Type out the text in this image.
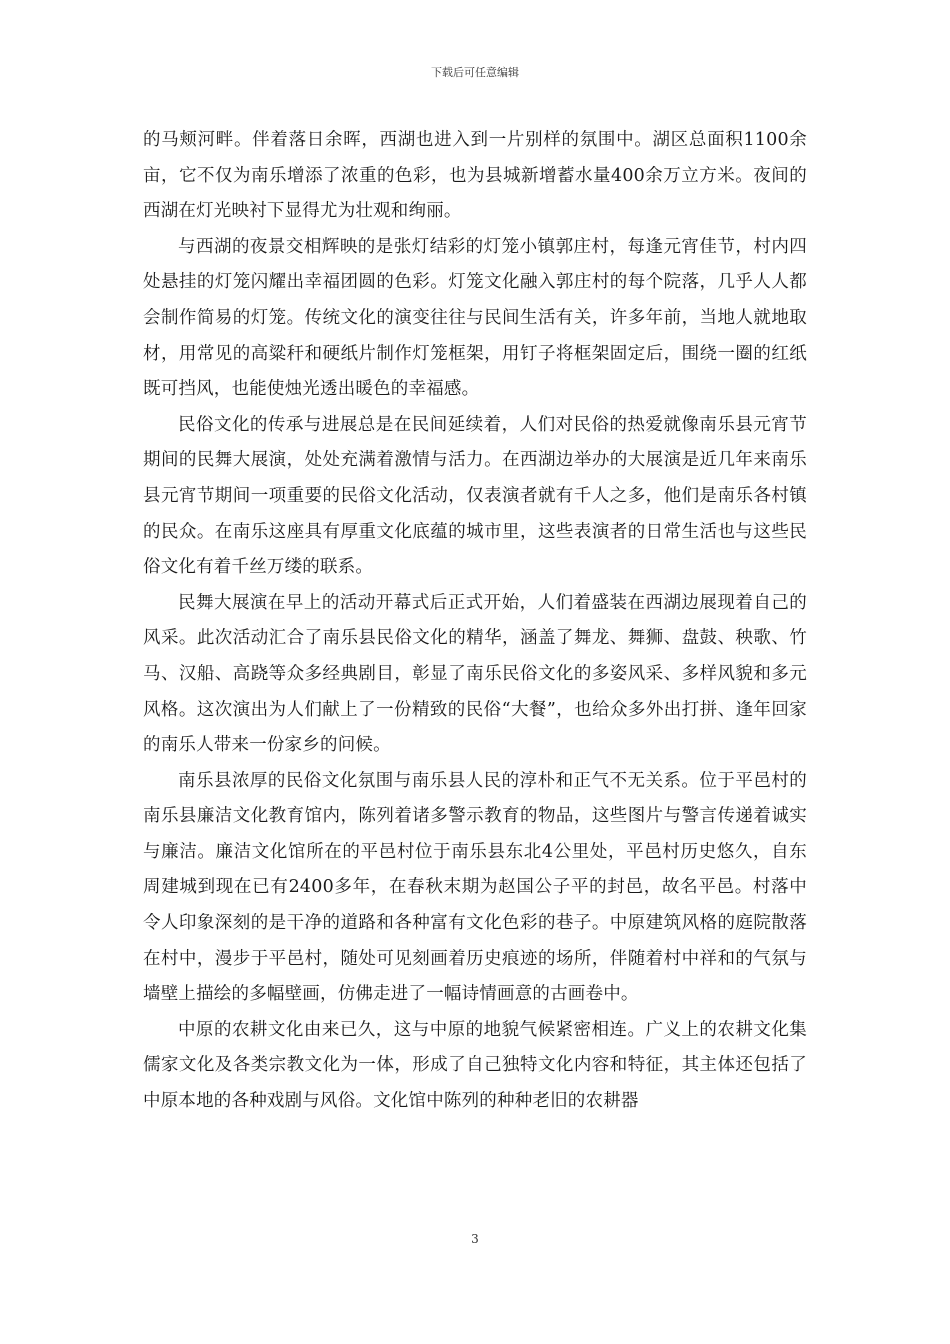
下载后可任意编辑

的马颊河畔。伴着落日余晖，西湖也进入到一片别样的氛围中。湖区总面积1100余亩，它不仅为南乐增添了浓重的色彩，也为县城新增蓄水量400余万立方米。夜间的西湖在灯光映衬下显得尤为壮观和绚丽。

与西湖的夜景交相辉映的是张灯结彩的灯笼小镇郭庄村，每逢元宵佳节，村内四处悬挂的灯笼闪耀出幸福团圆的色彩。灯笼文化融入郭庄村的每个院落，几乎人人都会制作简易的灯笼。传统文化的演变往往与民间生活有关，许多年前，当地人就地取材，用常见的高粱秆和硬纸片制作灯笼框架，用钉子将框架固定后，围绕一圈的红纸既可挡风，也能使烛光透出暖色的幸福感。

民俗文化的传承与进展总是在民间延续着，人们对民俗的热爱就像南乐县元宵节期间的民舞大展演，处处充满着激情与活力。在西湖边举办的大展演是近几年来南乐县元宵节期间一项重要的民俗文化活动，仅表演者就有千人之多，他们是南乐各村镇的民众。在南乐这座具有厚重文化底蕴的城市里，这些表演者的日常生活也与这些民俗文化有着千丝万缕的联系。

民舞大展演在早上的活动开幕式后正式开始，人们着盛装在西湖边展现着自己的风采。此次活动汇合了南乐县民俗文化的精华，涵盖了舞龙、舞狮、盘鼓、秧歌、竹马、汉船、高跷等众多经典剧目，彰显了南乐民俗文化的多姿风采、多样风貌和多元风格。这次演出为人们献上了一份精致的民俗“大餐”，也给众多外出打拼、逢年回家的南乐人带来一份家乡的问候。

南乐县浓厚的民俗文化氛围与南乐县人民的淳朴和正气不无关系。位于平邑村的南乐县廉洁文化教育馆内，陈列着诸多警示教育的物品，这些图片与警言传递着诚实与廉洁。廉洁文化馆所在的平邑村位于南乐县东北4公里处，平邑村历史悠久，自东周建城到现在已有2400多年，在春秋末期为赵国公子平的封邑，故名平邑。村落中令人印象深刻的是干净的道路和各种富有文化色彩的巷子。中原建筑风格的庭院散落在村中，漫步于平邑村，随处可见刻画着历史痕迹的场所，伴随着村中祥和的气氛与墙壁上描绘的多幅壁画，仿佛走进了一幅诗情画意的古画卷中。

中原的农耕文化由来已久，这与中原的地貌气候紧密相连。广义上的农耕文化集儒家文化及各类宗教文化为一体，形成了自己独特文化内容和特征，其主体还包括了中原本地的各种戏剧与风俗。文化馆中陈列的种种老旧的农耕器

3
